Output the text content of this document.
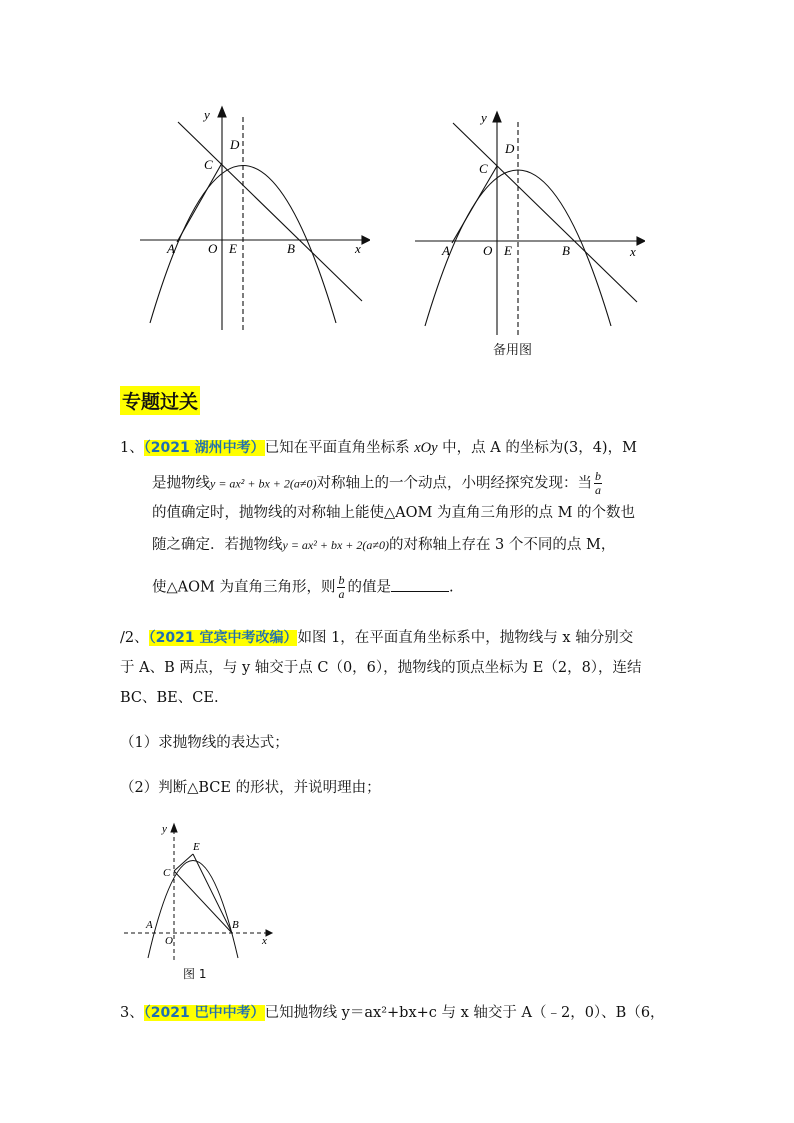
y
x
D
C
A	O E	B
y
x
D
C
A	O E	B
备用图
专题过关
1、（2021 湖州中考）已知在平面直角坐标系 xOy 中，点 A 的坐标为(3，4)，M
是抛物线y = ax² + bx + 2(a≠0)对称轴上的一个动点，小明经探究发现：当 $\frac{b}{a}$
的值确定时，抛物线的对称轴上能使△AOM 为直角三角形的点 M 的个数也
随之确定．若抛物线y = ax² + bx + 2(a≠0)的对称轴上存在 3 个不同的点 M，
使△AOM 为直角三角形，则 $\frac{b}{a}$ 的值是	.
/2、（2021 宜宾中考改编）如图 1，在平面直角坐标系中，抛物线与 x 轴分别交
于 A、B 两点，与 y 轴交于点 C（0，6），抛物线的顶点坐标为 E（2，8），连结
BC、BE、CE.
（1）求抛物线的表达式；
（2）判断△BCE 的形状，并说明理由；
y
x
E
C
A
O
B
图 1
3、（2021 巴中中考）已知抛物线 y＝ax²+bx+c 与 x 轴交于 A（﹣2，0）、B（6，
